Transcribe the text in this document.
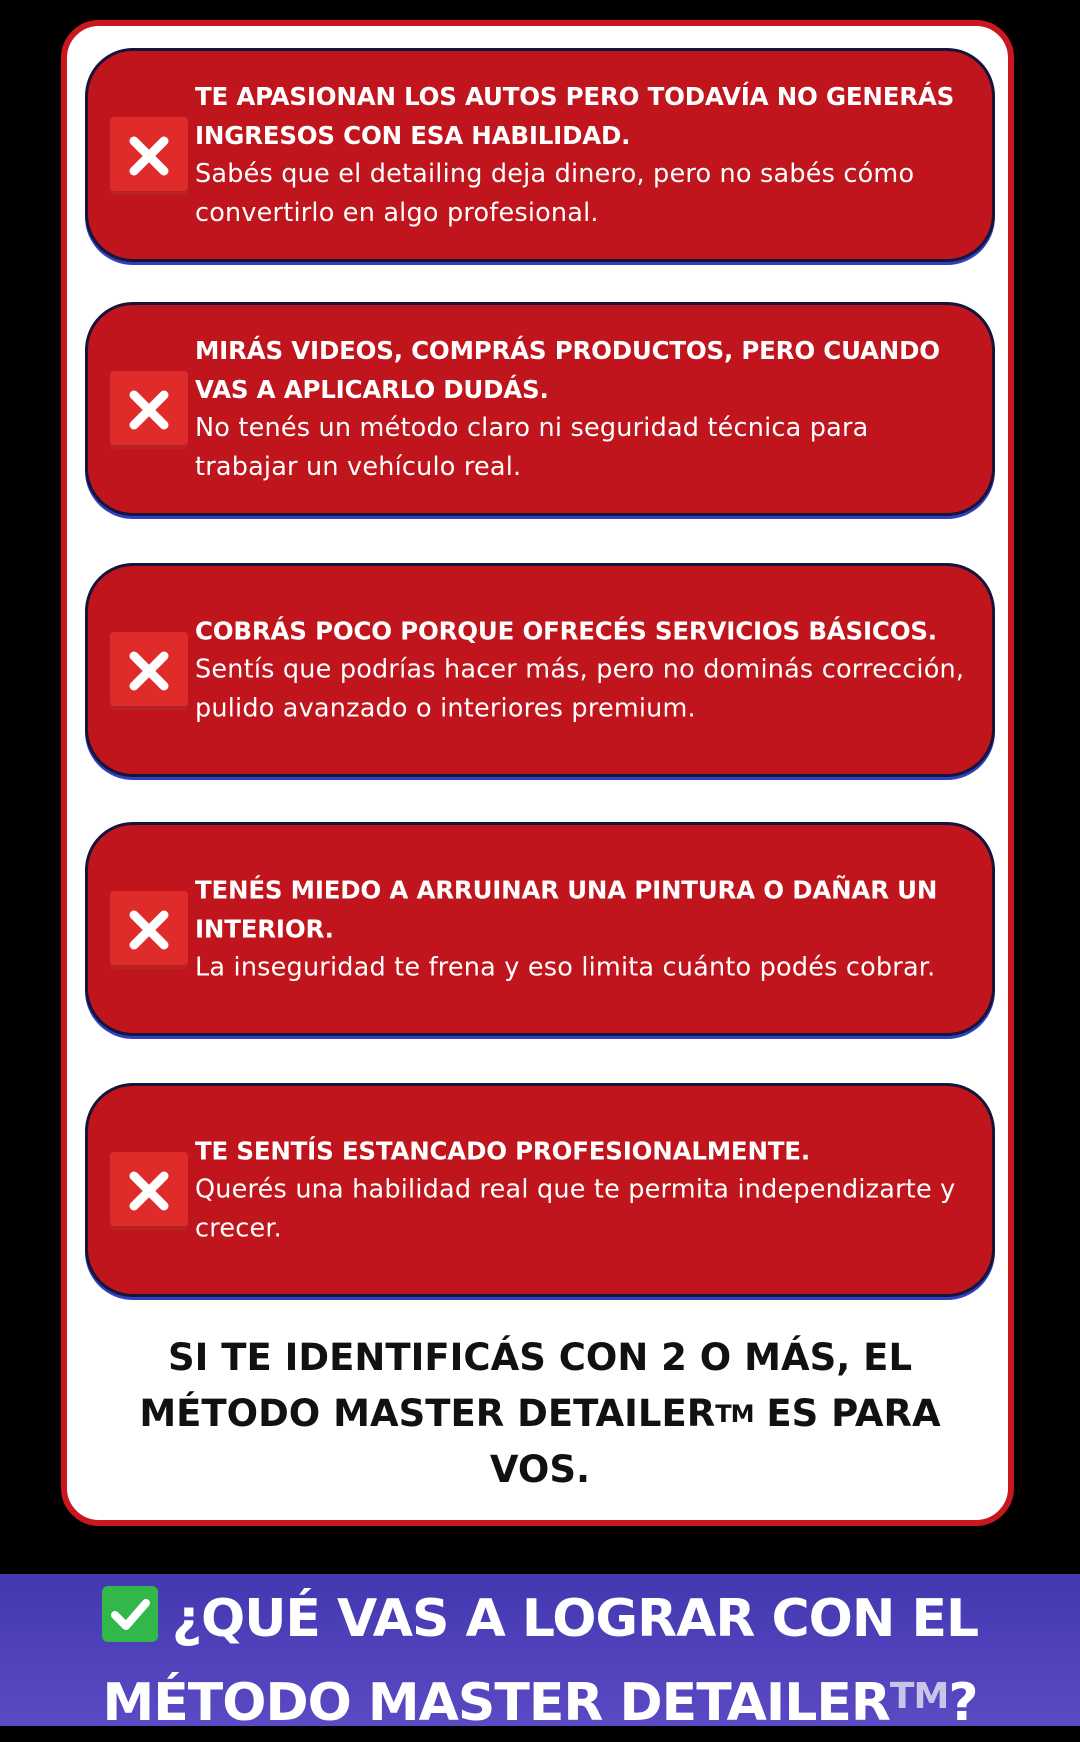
TE APASIONAN LOS AUTOS PERO TODAVÍA NO GENERÁS INGRESOS CON ESA HABILIDAD.
Sabés que el detailing deja dinero, pero no sabés cómo convertirlo en algo profesional.
MIRÁS VIDEOS, COMPRÁS PRODUCTOS, PERO CUANDO VAS A APLICARLO DUDÁS.
No tenés un método claro ni seguridad técnica para trabajar un vehículo real.
COBRÁS POCO PORQUE OFRECÉS SERVICIOS BÁSICOS.
Sentís que podrías hacer más, pero no dominás corrección, pulido avanzado o interiores premium.
TENÉS MIEDO A ARRUINAR UNA PINTURA O DAÑAR UN INTERIOR.
La inseguridad te frena y eso limita cuánto podés cobrar.
TE SENTÍS ESTANCADO PROFESIONALMENTE.
Querés una habilidad real que te permita independizarte y crecer.
SI TE IDENTIFICÁS CON 2 O MÁS, EL MÉTODO MASTER DETAILERTM ES PARA VOS.
¿QUÉ VAS A LOGRAR CON EL MÉTODO MASTER DETAILER™?
